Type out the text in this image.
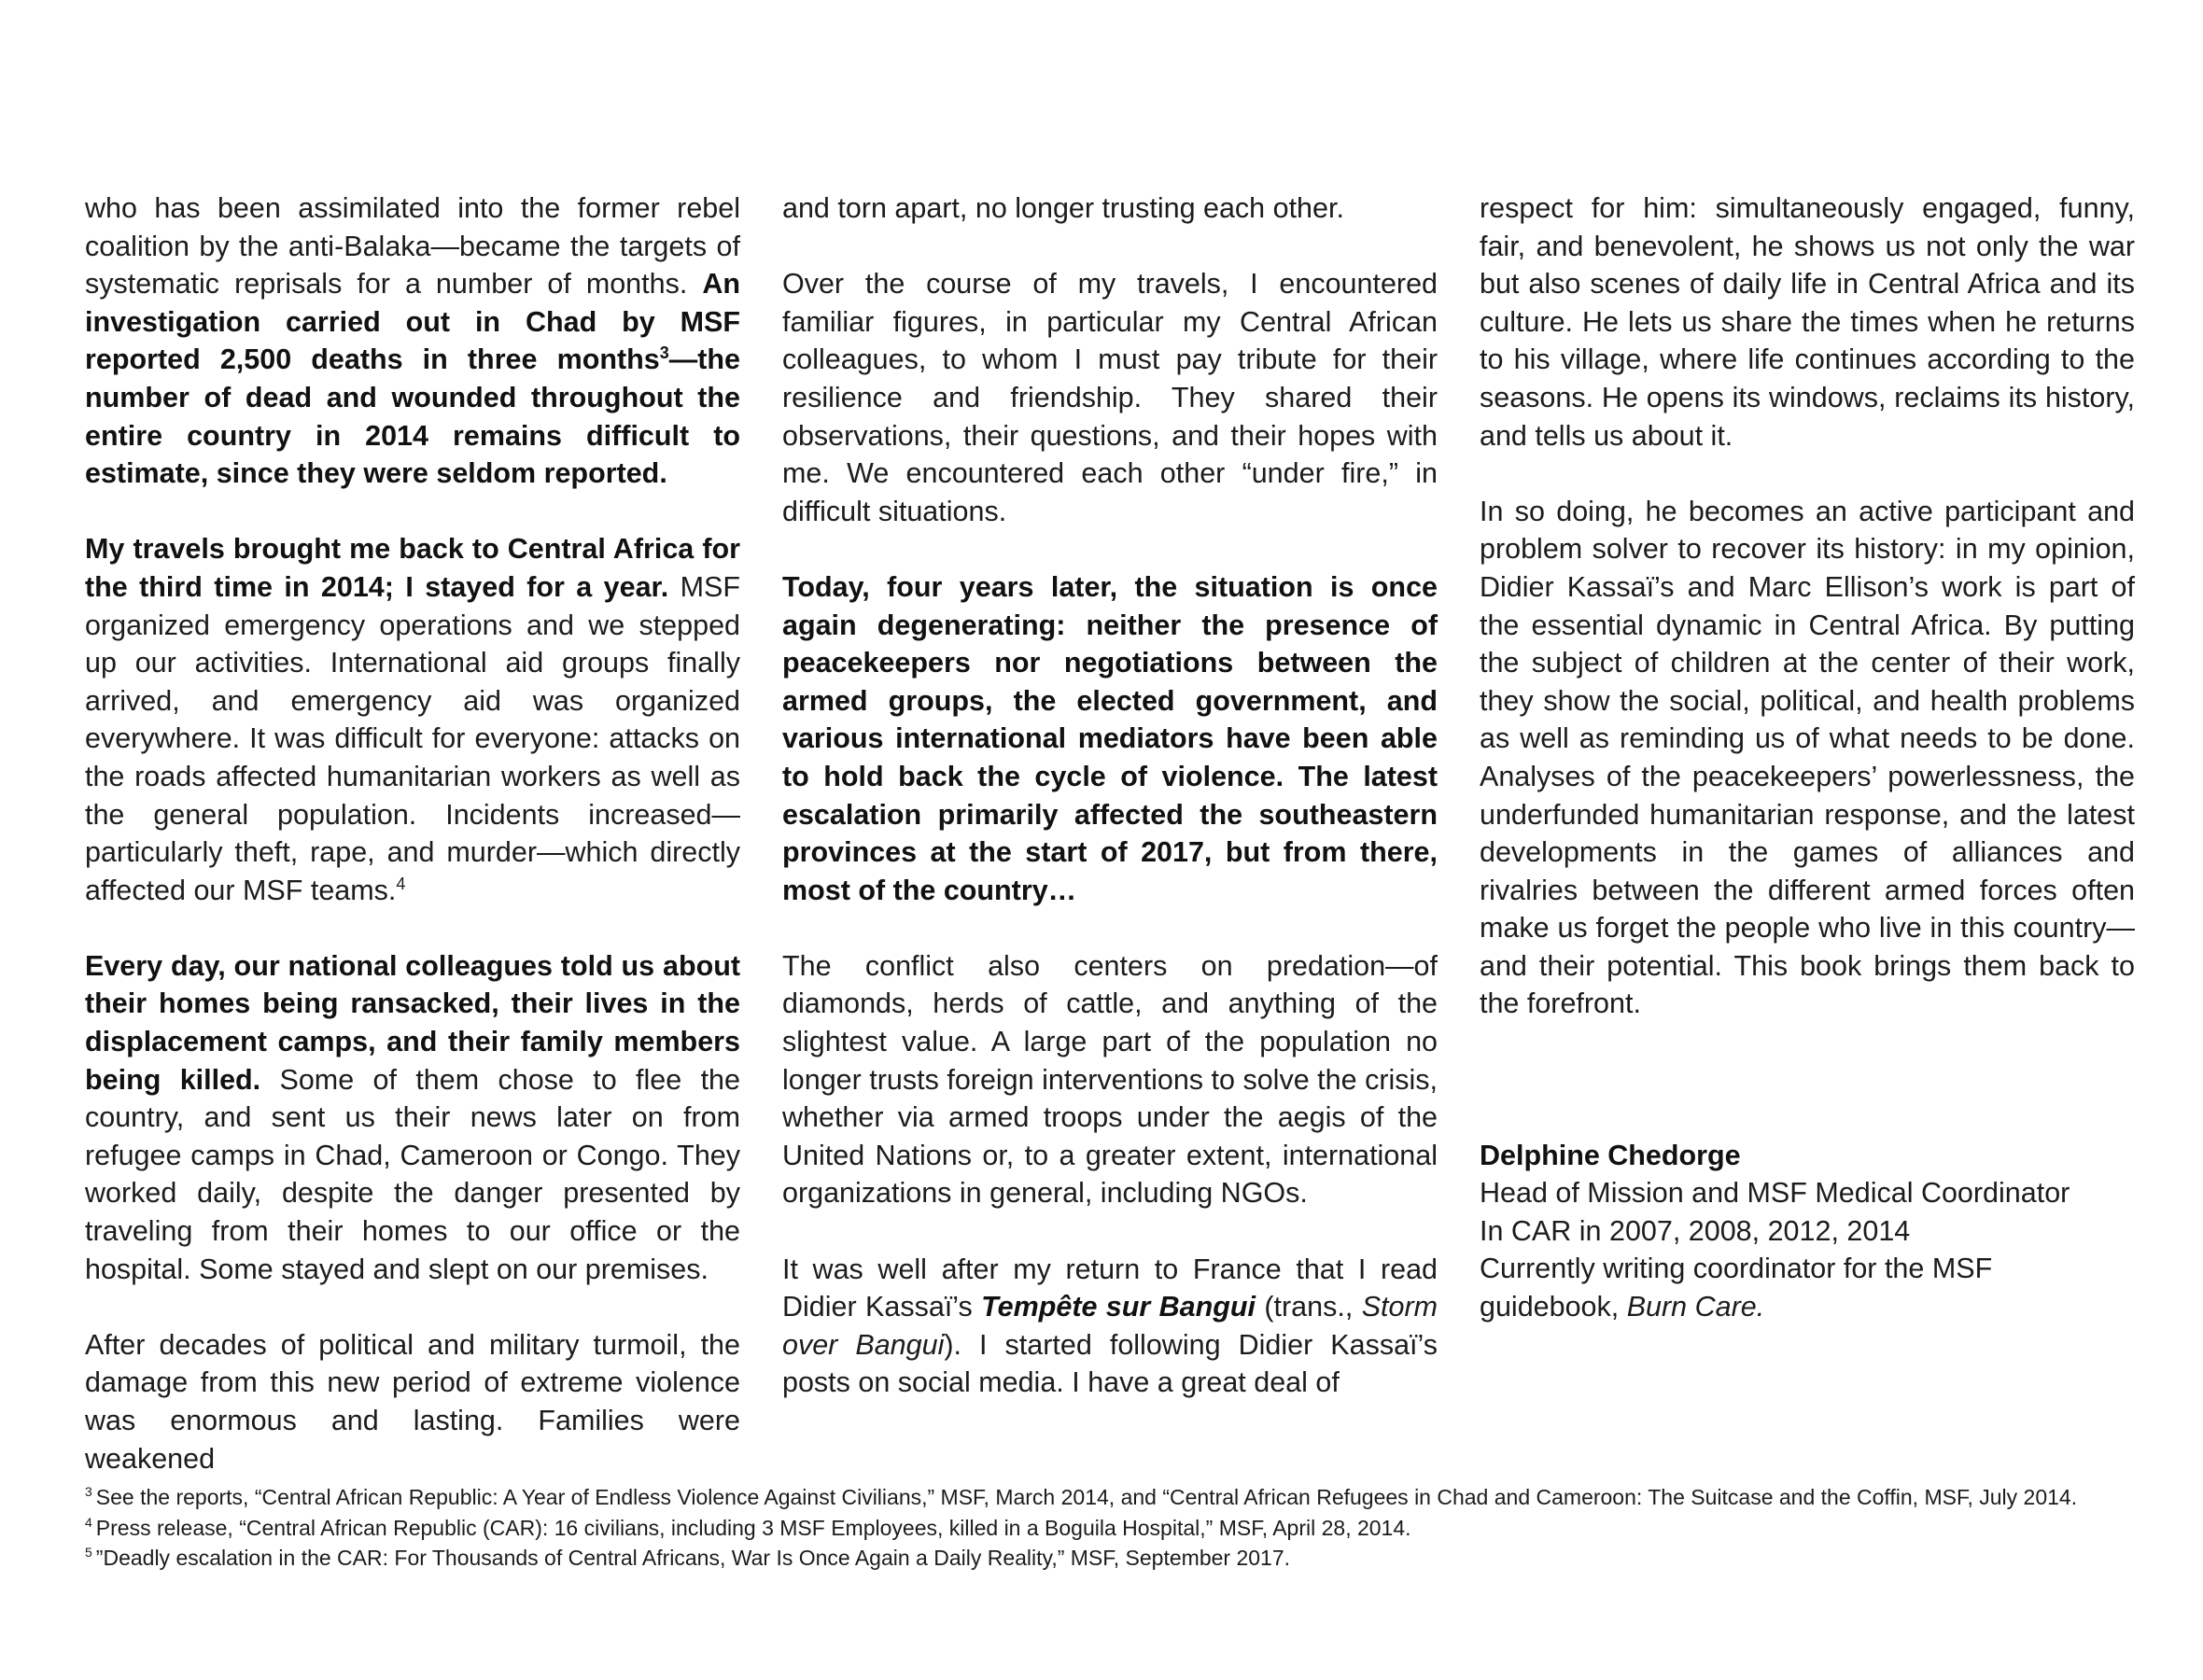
who has been assimilated into the former rebel coalition by the anti-Balaka—became the targets of systematic reprisals for a number of months. An investigation carried out in Chad by MSF reported 2,500 deaths in three months$^3$—the number of dead and wounded throughout the entire country in 2014 remains difficult to estimate, since they were seldom reported.

My travels brought me back to Central Africa for the third time in 2014; I stayed for a year. MSF organized emergency operations and we stepped up our activities. International aid groups finally arrived, and emergency aid was organized everywhere. It was difficult for everyone: attacks on the roads affected humanitarian workers as well as the general population. Incidents increased—particularly theft, rape, and murder—which directly affected our MSF teams.$^4$

Every day, our national colleagues told us about their homes being ransacked, their lives in the displacement camps, and their family members being killed. Some of them chose to flee the country, and sent us their news later on from refugee camps in Chad, Cameroon or Congo. They worked daily, despite the danger presented by traveling from their homes to our office or the hospital. Some stayed and slept on our premises.

After decades of political and military turmoil, the damage from this new period of extreme violence was enormous and lasting. Families were weakened

and torn apart, no longer trusting each other.

Over the course of my travels, I encountered familiar figures, in particular my Central African colleagues, to whom I must pay tribute for their resilience and friendship. They shared their observations, their questions, and their hopes with me. We encountered each other “under fire,” in difficult situations.

Today, four years later, the situation is once again degenerating: neither the presence of peacekeepers nor negotiations between the armed groups, the elected government, and various international mediators have been able to hold back the cycle of violence. The latest escalation primarily affected the southeastern provinces at the start of 2017, but from there, most of the country…

The conflict also centers on predation—of diamonds, herds of cattle, and anything of the slightest value. A large part of the population no longer trusts foreign interventions to solve the crisis, whether via armed troops under the aegis of the United Nations or, to a greater extent, international organizations in general, including NGOs.

It was well after my return to France that I read Didier Kassaï’s Tempête sur Bangui (trans., Storm over Bangui). I started following Didier Kassaï’s posts on social media. I have a great deal of

respect for him: simultaneously engaged, funny, fair, and benevolent, he shows us not only the war but also scenes of daily life in Central Africa and its culture. He lets us share the times when he returns to his village, where life continues according to the seasons. He opens its windows, reclaims its history, and tells us about it.

In so doing, he becomes an active participant and problem solver to recover its history: in my opinion, Didier Kassaï’s and Marc Ellison’s work is part of the essential dynamic in Central Africa. By putting the subject of children at the center of their work, they show the social, political, and health problems as well as reminding us of what needs to be done. Analyses of the peacekeepers’ powerlessness, the underfunded humanitarian response, and the latest developments in the games of alliances and rivalries between the different armed forces often make us forget the people who live in this country—and their potential. This book brings them back to the forefront.

Delphine Chedorge
Head of Mission and MSF Medical Coordinator
In CAR in 2007, 2008, 2012, 2014
Currently writing coordinator for the MSF
guidebook, Burn Care.
$^3$ See the reports, “Central African Republic: A Year of Endless Violence Against Civilians,” MSF, March 2014, and “Central African Refugees in Chad and Cameroon: The Suitcase and the Coffin, MSF, July 2014.
$^4$ Press release, “Central African Republic (CAR): 16 civilians, including 3 MSF Employees, killed in a Boguila Hospital,” MSF, April 28, 2014.
$^5$ ”Deadly escalation in the CAR: For Thousands of Central Africans, War Is Once Again a Daily Reality,” MSF, September 2017.
